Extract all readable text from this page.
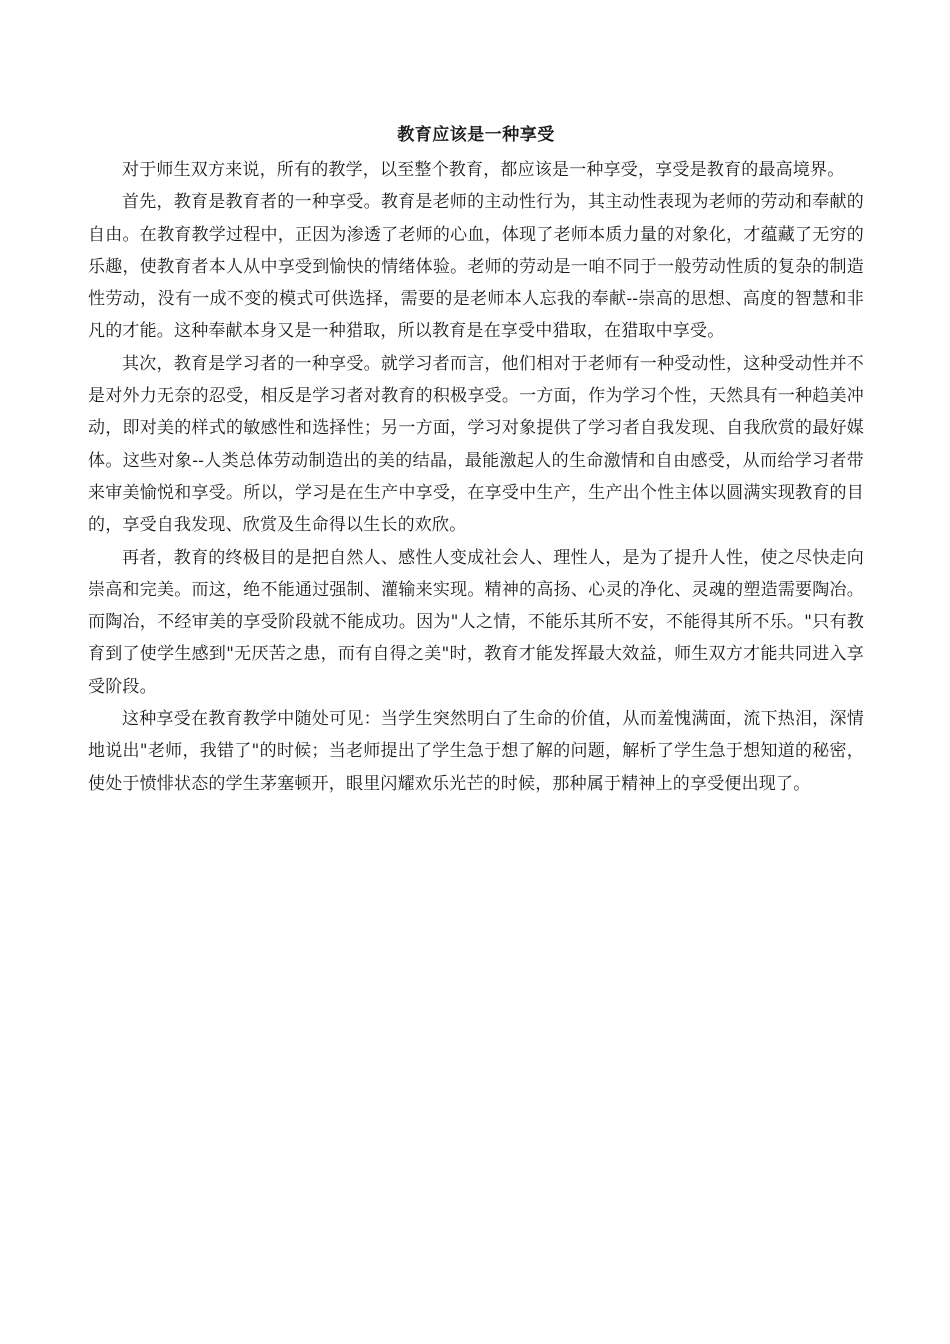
教育应该是一种享受

对于师生双方来说，所有的教学，以至整个教育，都应该是一种享受，享受是教育的最高境界。

首先，教育是教育者的一种享受。教育是老师的主动性行为，其主动性表现为老师的劳动和奉献的自由。在教育教学过程中，正因为渗透了老师的心血，体现了老师本质力量的对象化，才蕴藏了无穷的乐趣，使教育者本人从中享受到愉快的情绪体验。老师的劳动是一咱不同于一般劳动性质的复杂的制造性劳动，没有一成不变的模式可供选择，需要的是老师本人忘我的奉献--崇高的思想、高度的智慧和非凡的才能。这种奉献本身又是一种猎取，所以教育是在享受中猎取，在猎取中享受。

其次，教育是学习者的一种享受。就学习者而言，他们相对于老师有一种受动性，这种受动性并不是对外力无奈的忍受，相反是学习者对教育的积极享受。一方面，作为学习个性，天然具有一种趋美冲动，即对美的样式的敏感性和选择性；另一方面，学习对象提供了学习者自我发现、自我欣赏的最好媒体。这些对象--人类总体劳动制造出的美的结晶，最能激起人的生命激情和自由感受，从而给学习者带来审美愉悦和享受。所以，学习是在生产中享受，在享受中生产，生产出个性主体以圆满实现教育的目的，享受自我发现、欣赏及生命得以生长的欢欣。

再者，教育的终极目的是把自然人、感性人变成社会人、理性人，是为了提升人性，使之尽快走向崇高和完美。而这，绝不能通过强制、灌输来实现。精神的高扬、心灵的净化、灵魂的塑造需要陶冶。而陶冶，不经审美的享受阶段就不能成功。因为"人之情，不能乐其所不安，不能得其所不乐。"只有教育到了使学生感到"无厌苦之患，而有自得之美"时，教育才能发挥最大效益，师生双方才能共同进入享受阶段。

这种享受在教育教学中随处可见：当学生突然明白了生命的价值，从而羞愧满面，流下热泪，深情地说出"老师，我错了"的时候；当老师提出了学生急于想了解的问题，解析了学生急于想知道的秘密，使处于愤悱状态的学生茅塞顿开，眼里闪耀欢乐光芒的时候，那种属于精神上的享受便出现了。
